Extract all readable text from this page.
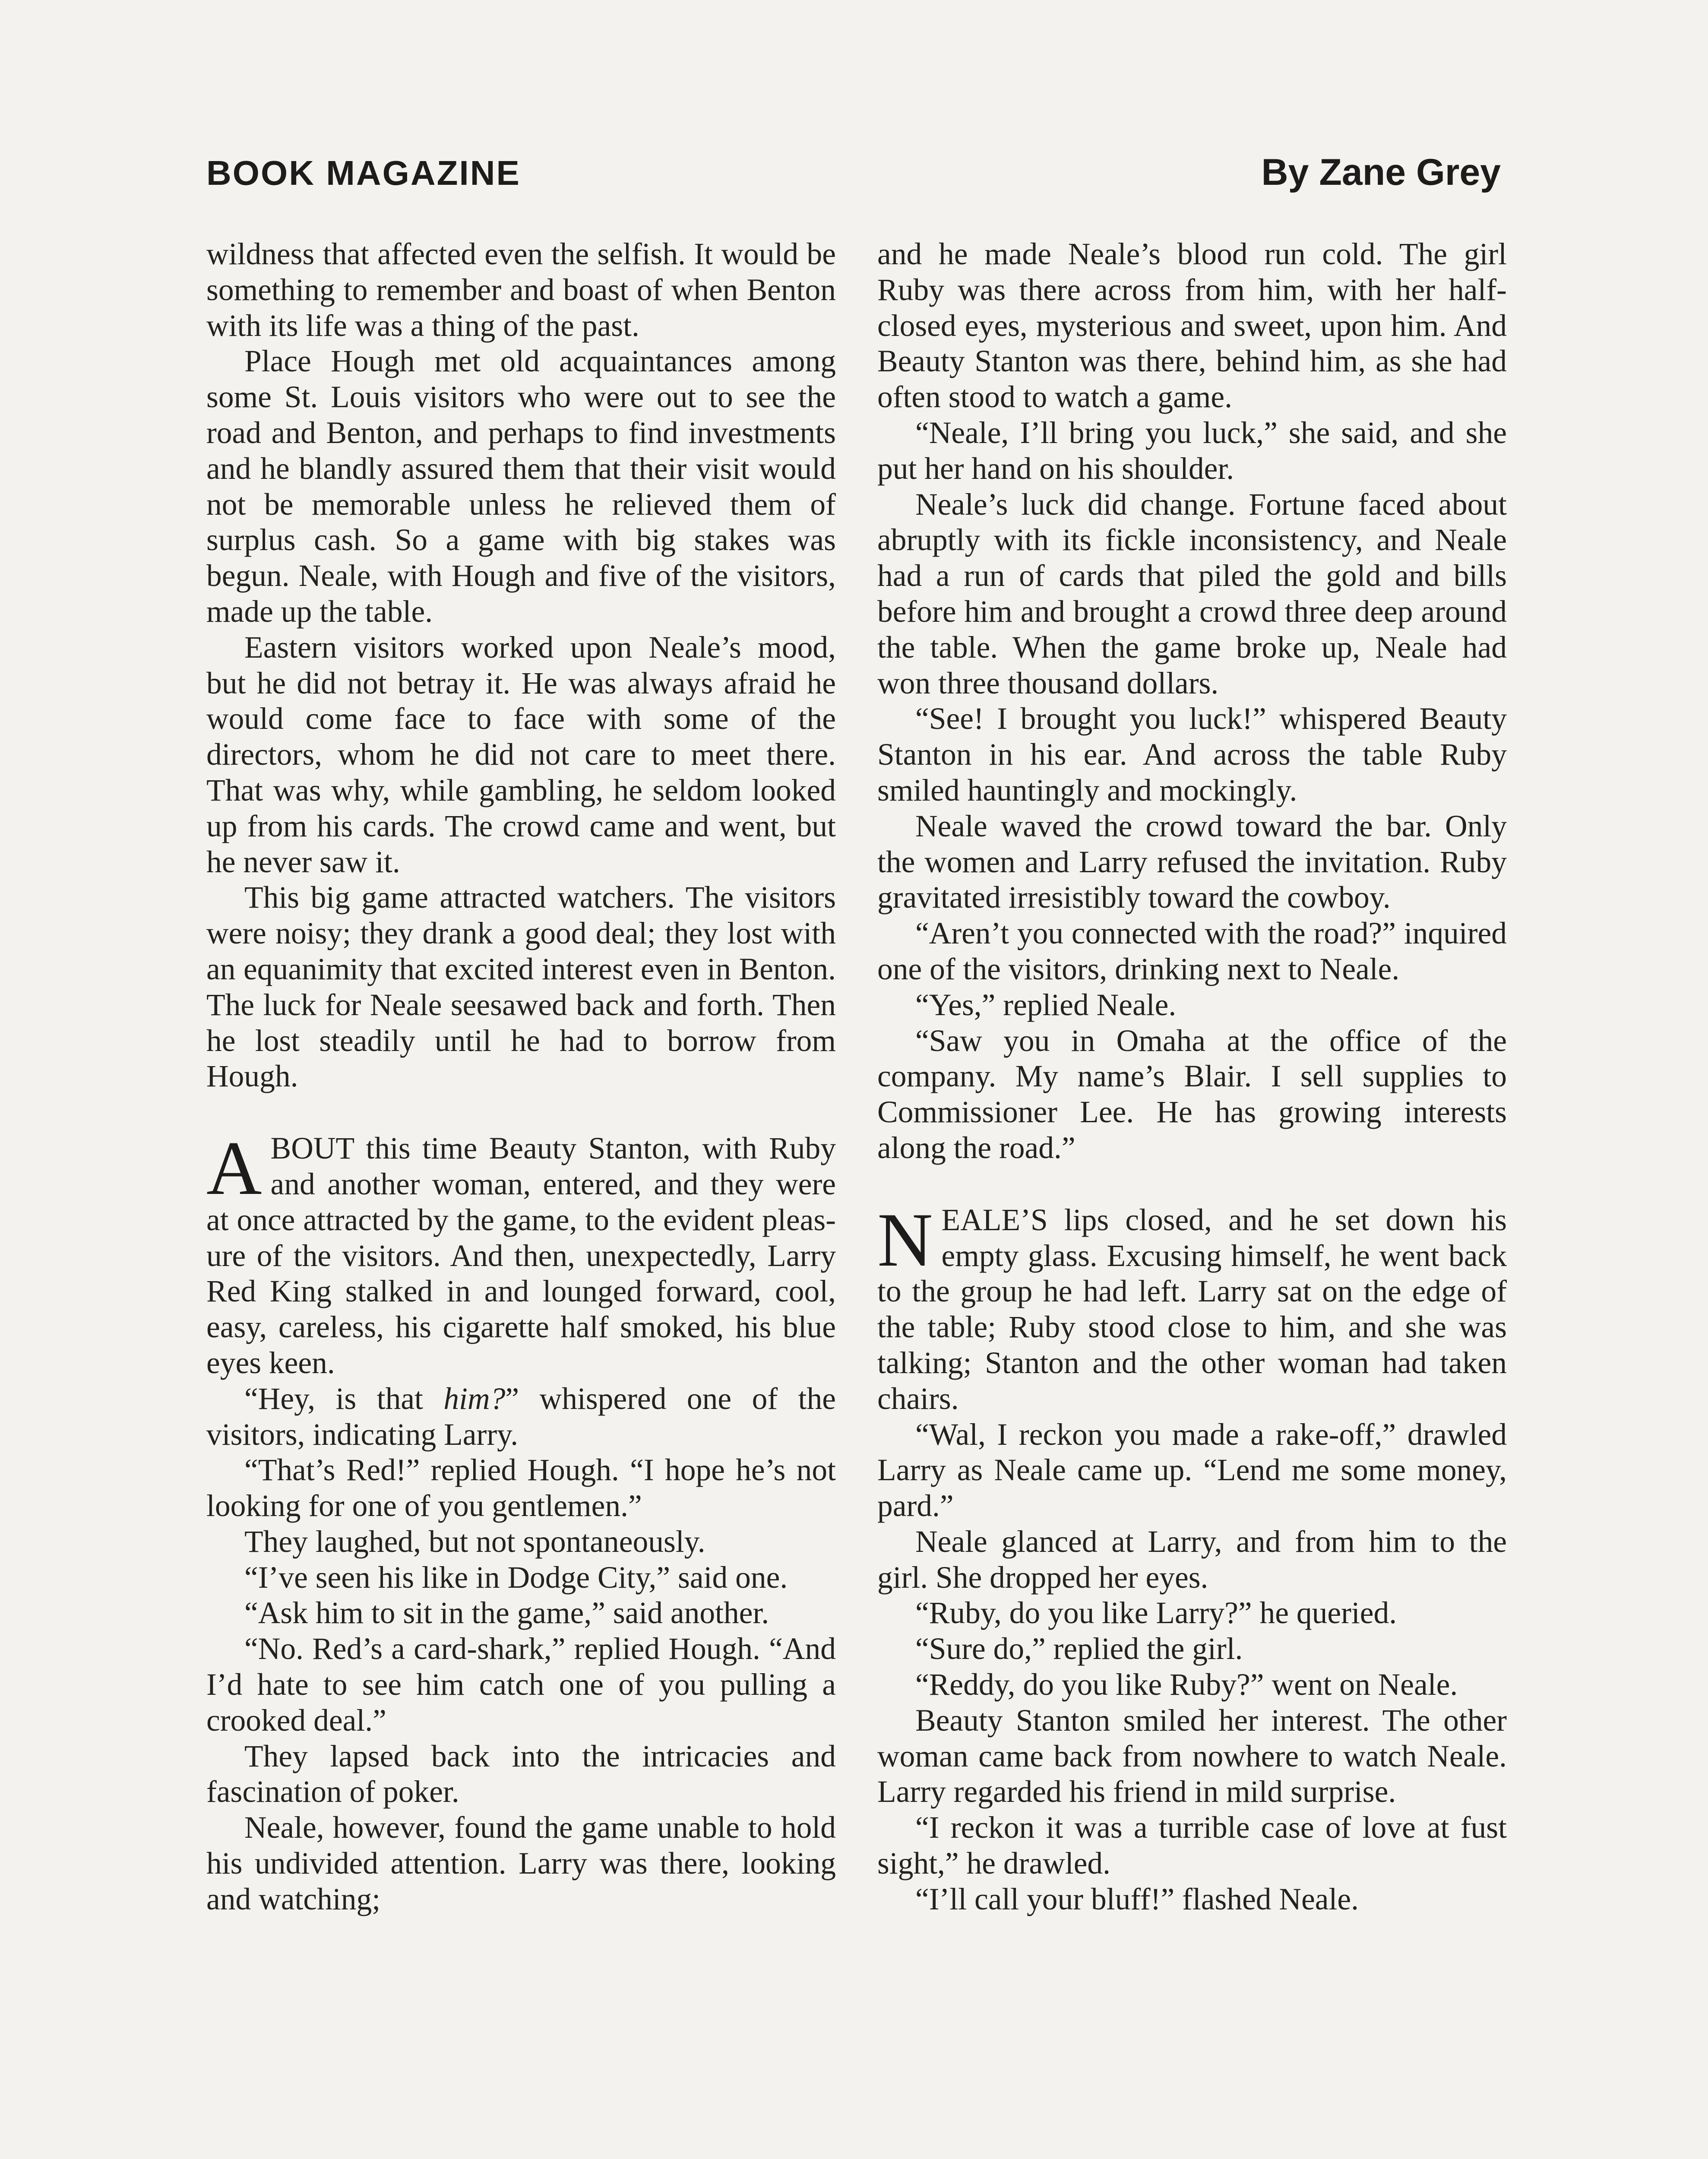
BOOK MAGAZINE	By Zane Grey

wildness that affected even the selfish. It would be something to remember and boast of when Benton with its life was a thing of the past.

Place Hough met old acquaintances among some St. Louis visitors who were out to see the road and Benton, and perhaps to find investments and he blandly assured them that their visit would not be memorable unless he relieved them of surplus cash. So a game with big stakes was begun. Neale, with Hough and five of the visitors, made up the table.

Eastern visitors worked upon Neale’s mood, but he did not betray it. He was always afraid he would come face to face with some of the directors, whom he did not care to meet there. That was why, while gambling, he seldom looked up from his cards. The crowd came and went, but he never saw it.

This big game attracted watchers. The visitors were noisy; they drank a good deal; they lost with an equanimity that excited interest even in Benton. The luck for Neale seesawed back and forth. Then he lost steadily until he had to borrow from Hough.

ABOUT this time Beauty Stanton, with Ruby and another woman, entered, and they were at once attracted by the game, to the evident pleasure of the visitors. And then, unexpectedly, Larry Red King stalked in and lounged forward, cool, easy, careless, his cigarette half smoked, his blue eyes keen.

“Hey, is that him?” whispered one of the visitors, indicating Larry.

“That’s Red!” replied Hough. “I hope he’s not looking for one of you gentlemen.”

They laughed, but not spontaneously.

“I’ve seen his like in Dodge City,” said one.

“Ask him to sit in the game,” said another.

“No. Red’s a card-shark,” replied Hough. “And I’d hate to see him catch one of you pulling a crooked deal.”

They lapsed back into the intricacies and fascination of poker.

Neale, however, found the game unable to hold his undivided attention. Larry was there, looking and watching;

and he made Neale’s blood run cold. The girl Ruby was there across from him, with her half-closed eyes, mysterious and sweet, upon him. And Beauty Stanton was there, behind him, as she had often stood to watch a game.

“Neale, I’ll bring you luck,” she said, and she put her hand on his shoulder.

Neale’s luck did change. Fortune faced about abruptly with its fickle inconsistency, and Neale had a run of cards that piled the gold and bills before him and brought a crowd three deep around the table. When the game broke up, Neale had won three thousand dollars.

“See! I brought you luck!” whispered Beauty Stanton in his ear. And across the table Ruby smiled hauntingly and mockingly.

Neale waved the crowd toward the bar. Only the women and Larry refused the invitation. Ruby gravitated irresistibly toward the cowboy.

“Aren’t you connected with the road?” inquired one of the visitors, drinking next to Neale.

“Yes,” replied Neale.

“Saw you in Omaha at the office of the company. My name’s Blair. I sell supplies to Commissioner Lee. He has growing interests along the road.”

NEALE’S lips closed, and he set down his empty glass. Excusing himself, he went back to the group he had left. Larry sat on the edge of the table; Ruby stood close to him, and she was talking; Stanton and the other woman had taken chairs.

“Wal, I reckon you made a rake-off,” drawled Larry as Neale came up. “Lend me some money, pard.”

Neale glanced at Larry, and from him to the girl. She dropped her eyes.

“Ruby, do you like Larry?” he queried.

“Sure do,” replied the girl.

“Reddy, do you like Ruby?” went on Neale.

Beauty Stanton smiled her interest. The other woman came back from nowhere to watch Neale. Larry regarded his friend in mild surprise.

“I reckon it was a turrible case of love at fust sight,” he drawled.

“I’ll call your bluff!” flashed Neale.
